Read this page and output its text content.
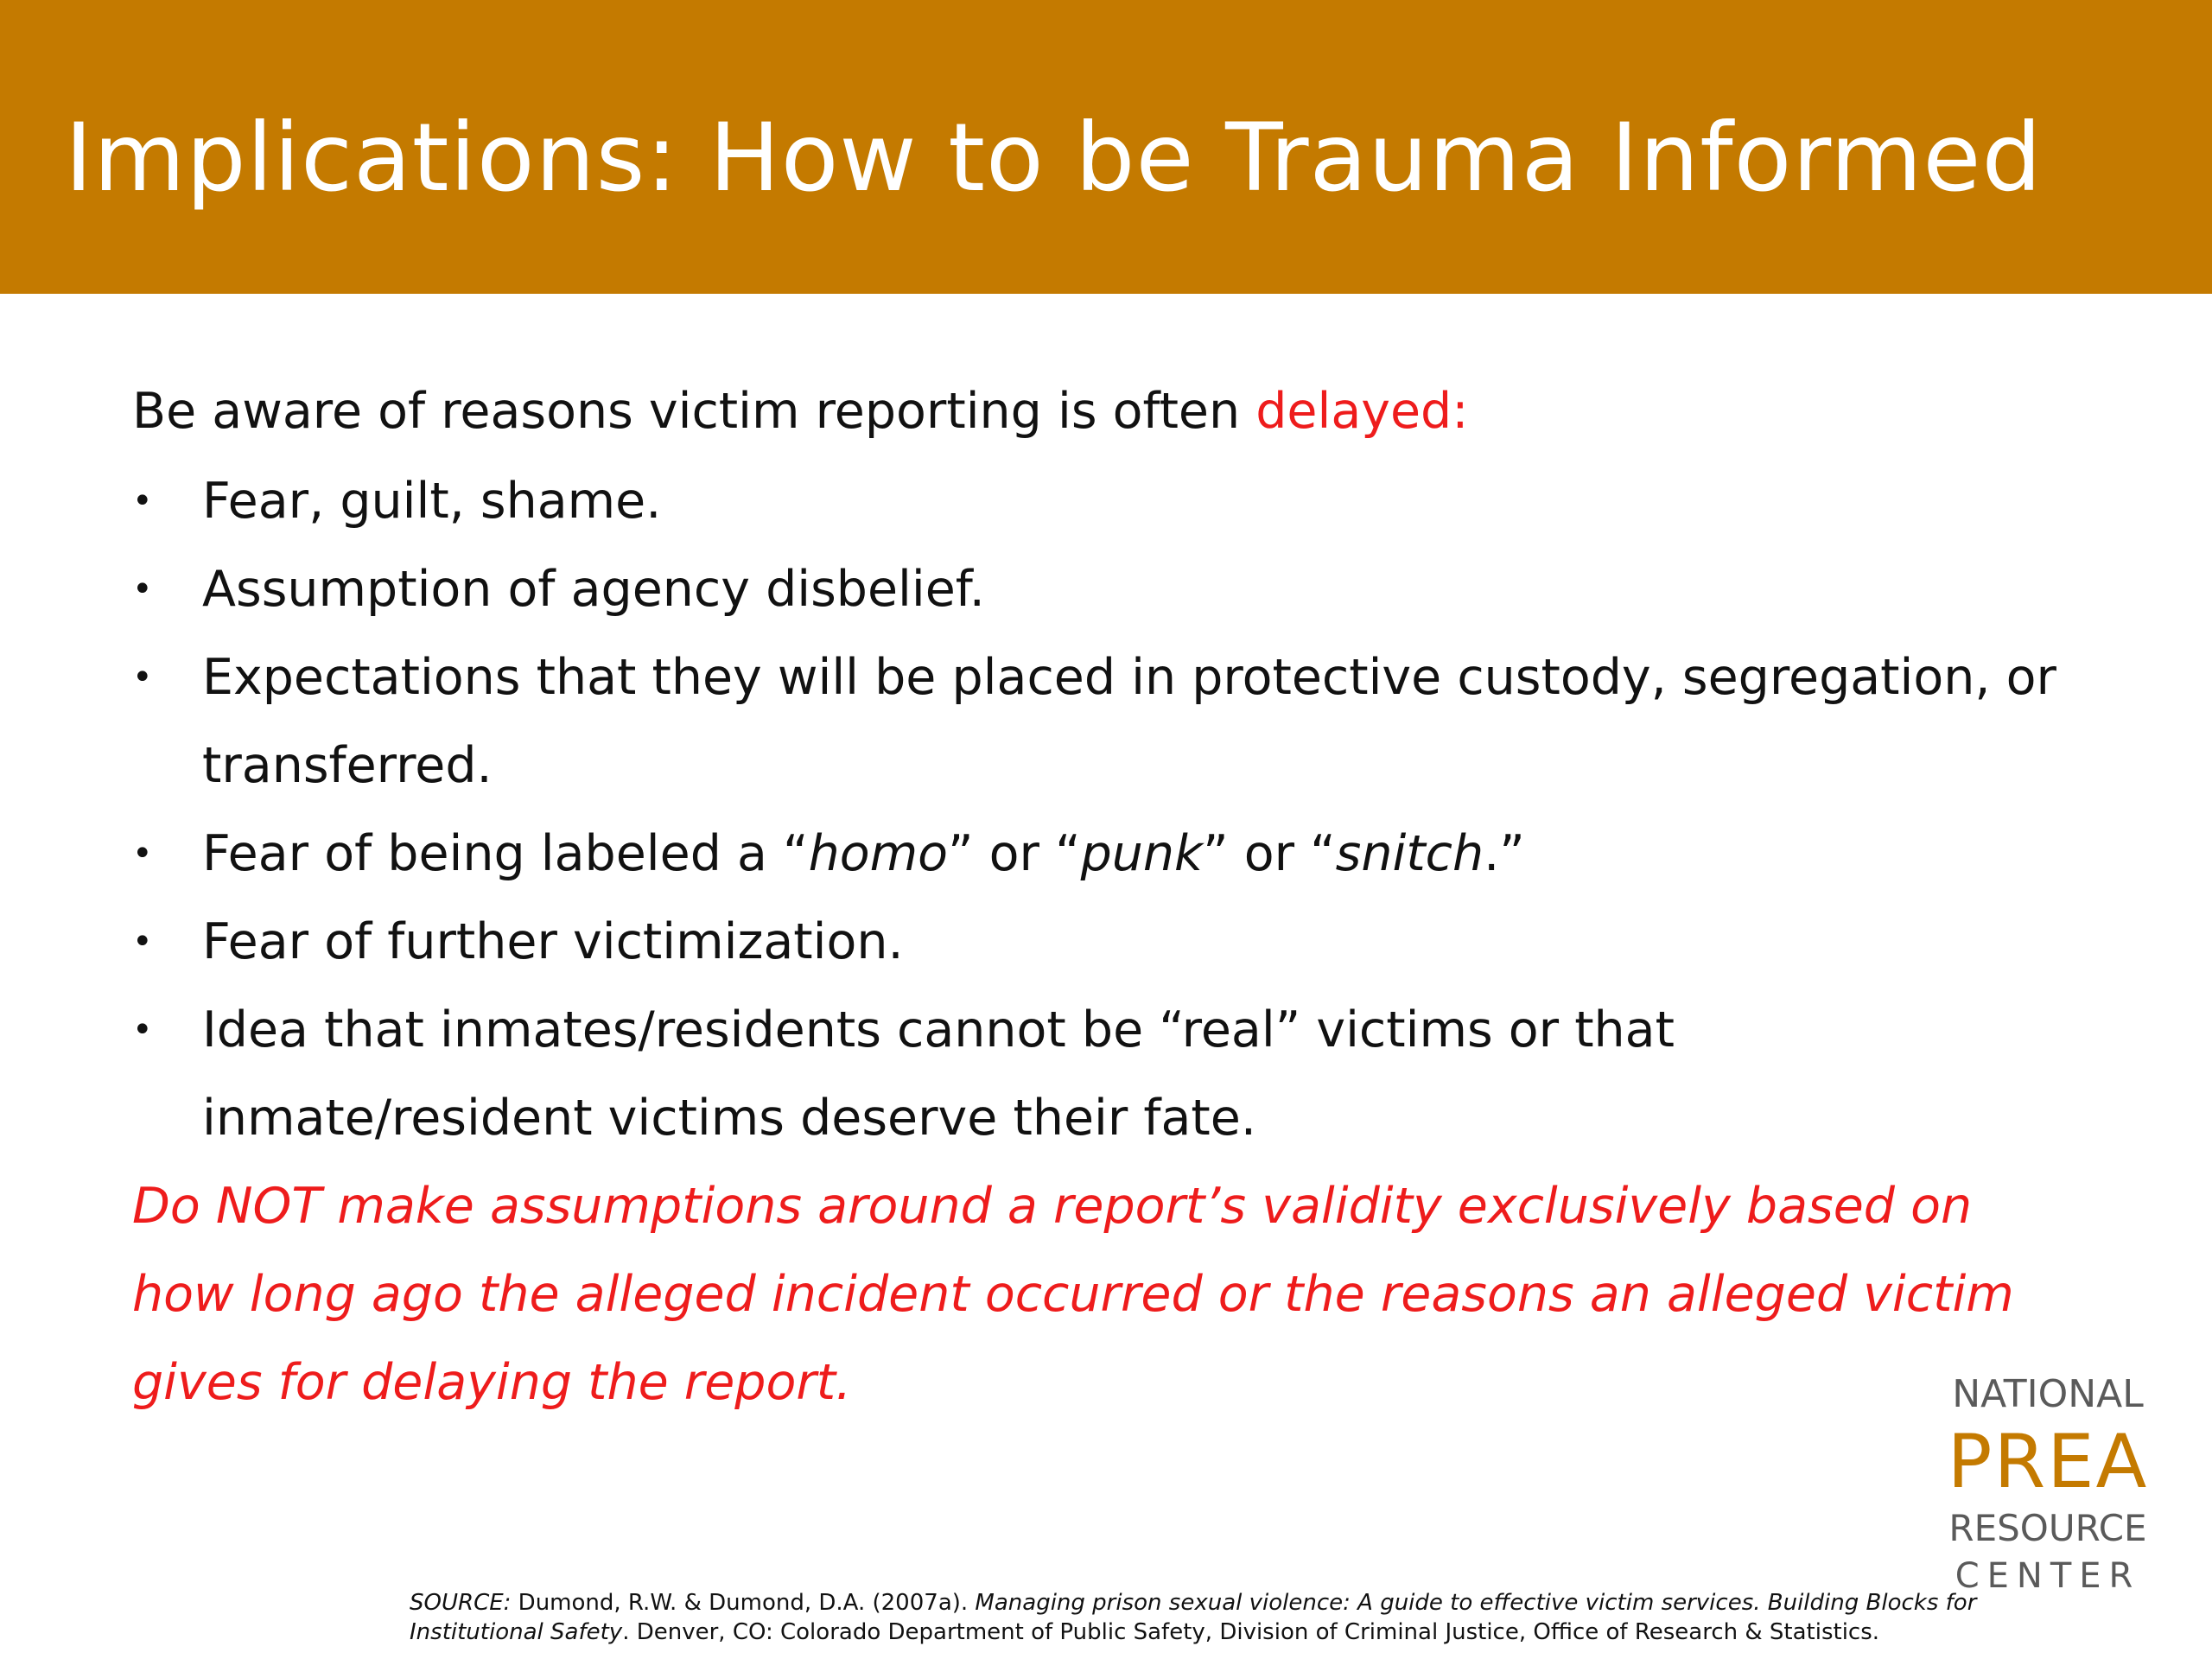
Implications: How to be Trauma Informed
Be aware of reasons victim reporting is often delayed:
• Fear, guilt, shame.
• Assumption of agency disbelief.
• Expectations that they will be placed in protective custody, segregation, or
transferred.
• Fear of being labeled a “homo” or “punk” or “snitch.”
• Fear of further victimization.
• Idea that inmates/residents cannot be “real” victims or that
inmate/resident victims deserve their fate.
Do NOT make assumptions around a report’s validity exclusively based on
how long ago the alleged incident occurred or the reasons an alleged victim
gives for delaying the report.	NATIONAL
PREA
RESOURCE
CENTER
SOURCE: Dumond, R.W. & Dumond, D.A. (2007a). Managing prison sexual violence: A guide to effective victim services. Building Blocks for
Institutional Safety. Denver, CO: Colorado Department of Public Safety, Division of Criminal Justice, Office of Research & Statistics.
